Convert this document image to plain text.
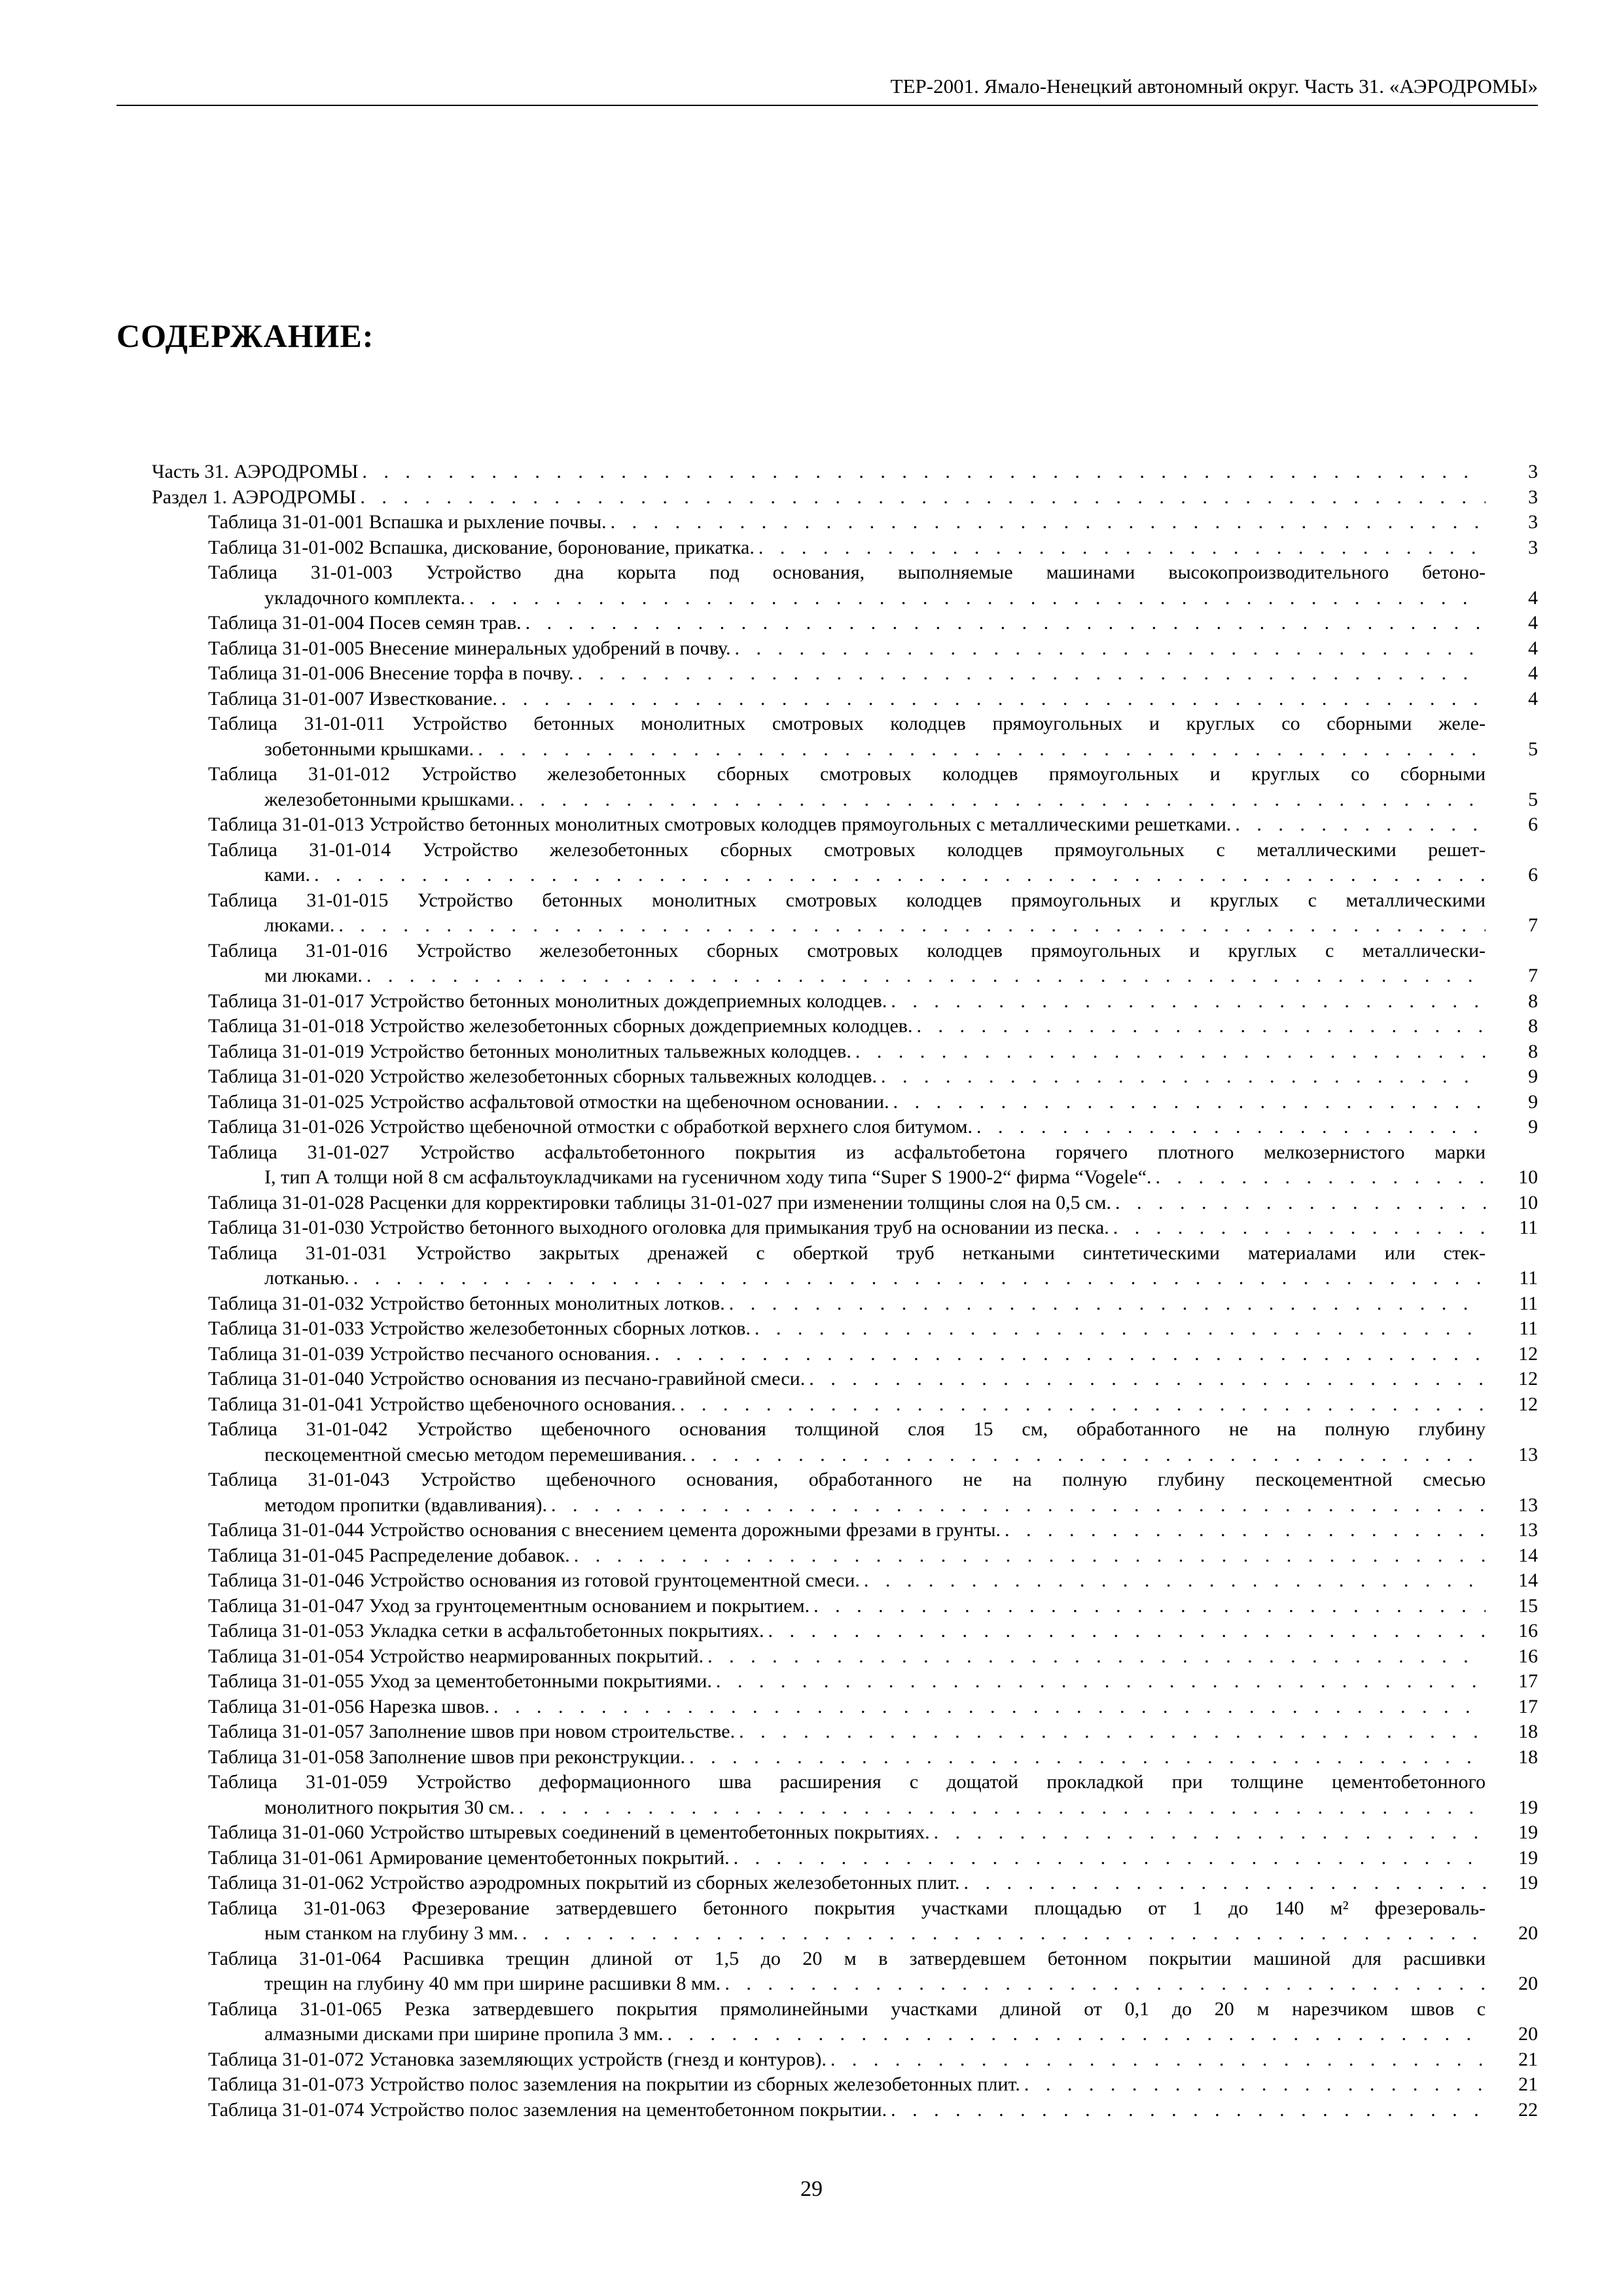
ТЕР-2001. Ямало-Ненецкий автономный округ. Часть 31. «АЭРОДРОМЫ»
СОДЕРЖАНИЕ:
Часть 31. АЭРОДРОМЫ . . .	3
Раздел 1. АЭРОДРОМЫ . . .	3
Таблица 31-01-001 Вспашка и рыхление почвы. . . .	3
Таблица 31-01-002 Вспашка, дискование, боронование, прикатка. . . .	3
Таблица 31-01-003 Устройство дна корыта под основания, выполняемые машинами высокопроизводительного бетоно-
укладочного комплекта. . . .	4
Таблица 31-01-004 Посев семян трав. . . .	4
Таблица 31-01-005 Внесение минеральных удобрений в почву. . . .	4
Таблица 31-01-006 Внесение торфа в почву. . . .	4
Таблица 31-01-007 Известкование. . . .	4
Таблица 31-01-011 Устройство бетонных монолитных смотровых колодцев прямоугольных и круглых со сборными желе-
зобетонными крышками. . . .	5
Таблица 31-01-012 Устройство железобетонных сборных смотровых колодцев прямоугольных и круглых со сборными
железобетонными крышками. . . .	5
Таблица 31-01-013 Устройство бетонных монолитных смотровых колодцев прямоугольных с металлическими решетками. . . .	6
Таблица 31-01-014 Устройство железобетонных сборных смотровых колодцев прямоугольных с металлическими решет-
ками. . . .	6
Таблица 31-01-015 Устройство бетонных монолитных смотровых колодцев прямоугольных и круглых с металлическими
люками. . . .	7
Таблица 31-01-016 Устройство железобетонных сборных смотровых колодцев прямоугольных и круглых с металлически-
ми люками. . . .	7
Таблица 31-01-017 Устройство бетонных монолитных дождеприемных колодцев. . . .	8
Таблица 31-01-018 Устройство железобетонных сборных дождеприемных колодцев. . . .	8
Таблица 31-01-019 Устройство бетонных монолитных тальвежных колодцев. . . .	8
Таблица 31-01-020 Устройство железобетонных сборных тальвежных колодцев. . . .	9
Таблица 31-01-025 Устройство асфальтовой отмостки на щебеночном основании. . . .	9
Таблица 31-01-026 Устройство щебеночной отмостки с обработкой верхнего слоя битумом. . . .	9
Таблица 31-01-027 Устройство асфальтобетонного покрытия из асфальтобетона горячего плотного мелкозернистого марки
I, тип А толщи ной 8 см асфальтоукладчиками на гусеничном ходу типа “Super S 1900-2“ фирма “Vogele“. . . .	10
Таблица 31-01-028 Расценки для корректировки таблицы 31-01-027 при изменении толщины слоя на 0,5 см. . . .	10
Таблица 31-01-030 Устройство бетонного выходного оголовка для примыкания труб на основании из песка. . . .	11
Таблица 31-01-031 Устройство закрытых дренажей с оберткой труб неткаными синтетическими материалами или стек-
лотканью. . . .	11
Таблица 31-01-032 Устройство бетонных монолитных лотков. . . .	11
Таблица 31-01-033 Устройство железобетонных сборных лотков. . . .	11
Таблица 31-01-039 Устройство песчаного основания. . . .	12
Таблица 31-01-040 Устройство основания из песчано-гравийной смеси. . . .	12
Таблица 31-01-041 Устройство щебеночного основания. . . .	12
Таблица 31-01-042 Устройство щебеночного основания толщиной слоя 15 см, обработанного не на полную глубину
пескоцементной смесью методом перемешивания. . . .	13
Таблица 31-01-043 Устройство щебеночного основания, обработанного не на полную глубину пескоцементной смесью
методом пропитки (вдавливания). . . .	13
Таблица 31-01-044 Устройство основания с внесением цемента дорожными фрезами в грунты. . . .	13
Таблица 31-01-045 Распределение добавок. . . .	14
Таблица 31-01-046 Устройство основания из готовой грунтоцементной смеси. . . .	14
Таблица 31-01-047 Уход за грунтоцементным основанием и покрытием. . . .	15
Таблица 31-01-053 Укладка сетки в асфальтобетонных покрытиях. . . .	16
Таблица 31-01-054 Устройство неармированных покрытий. . . .	16
Таблица 31-01-055 Уход за цементобетонными покрытиями. . . .	17
Таблица 31-01-056 Нарезка швов. . . .	17
Таблица 31-01-057 Заполнение швов при новом строительстве. . . .	18
Таблица 31-01-058 Заполнение швов при реконструкции. . . .	18
Таблица 31-01-059 Устройство деформационного шва расширения с дощатой прокладкой при толщине цементобетонного
монолитного покрытия 30 см. . . .	19
Таблица 31-01-060 Устройство штыревых соединений в цементобетонных покрытиях. . . .	19
Таблица 31-01-061 Армирование цементобетонных покрытий. . . .	19
Таблица 31-01-062 Устройство аэродромных покрытий из сборных железобетонных плит. . . .	19
Таблица 31-01-063 Фрезерование затвердевшего бетонного покрытия участками площадью от 1 до 140 м² фрезероваль-
ным станком на глубину 3 мм. . . .	20
Таблица 31-01-064 Расшивка трещин длиной от 1,5 до 20 м в затвердевшем бетонном покрытии машиной для расшивки
трещин на глубину 40 мм при ширине расшивки 8 мм. . . .	20
Таблица 31-01-065 Резка затвердевшего покрытия прямолинейными участками длиной от 0,1 до 20 м нарезчиком швов с
алмазными дисками при ширине пропила 3 мм. . . .	20
Таблица 31-01-072 Установка заземляющих устройств (гнезд и контуров). . . .	21
Таблица 31-01-073 Устройство полос заземления на покрытии из сборных железобетонных плит. . . .	21
Таблица 31-01-074 Устройство полос заземления на цементобетонном покрытии. . . .	22
29
